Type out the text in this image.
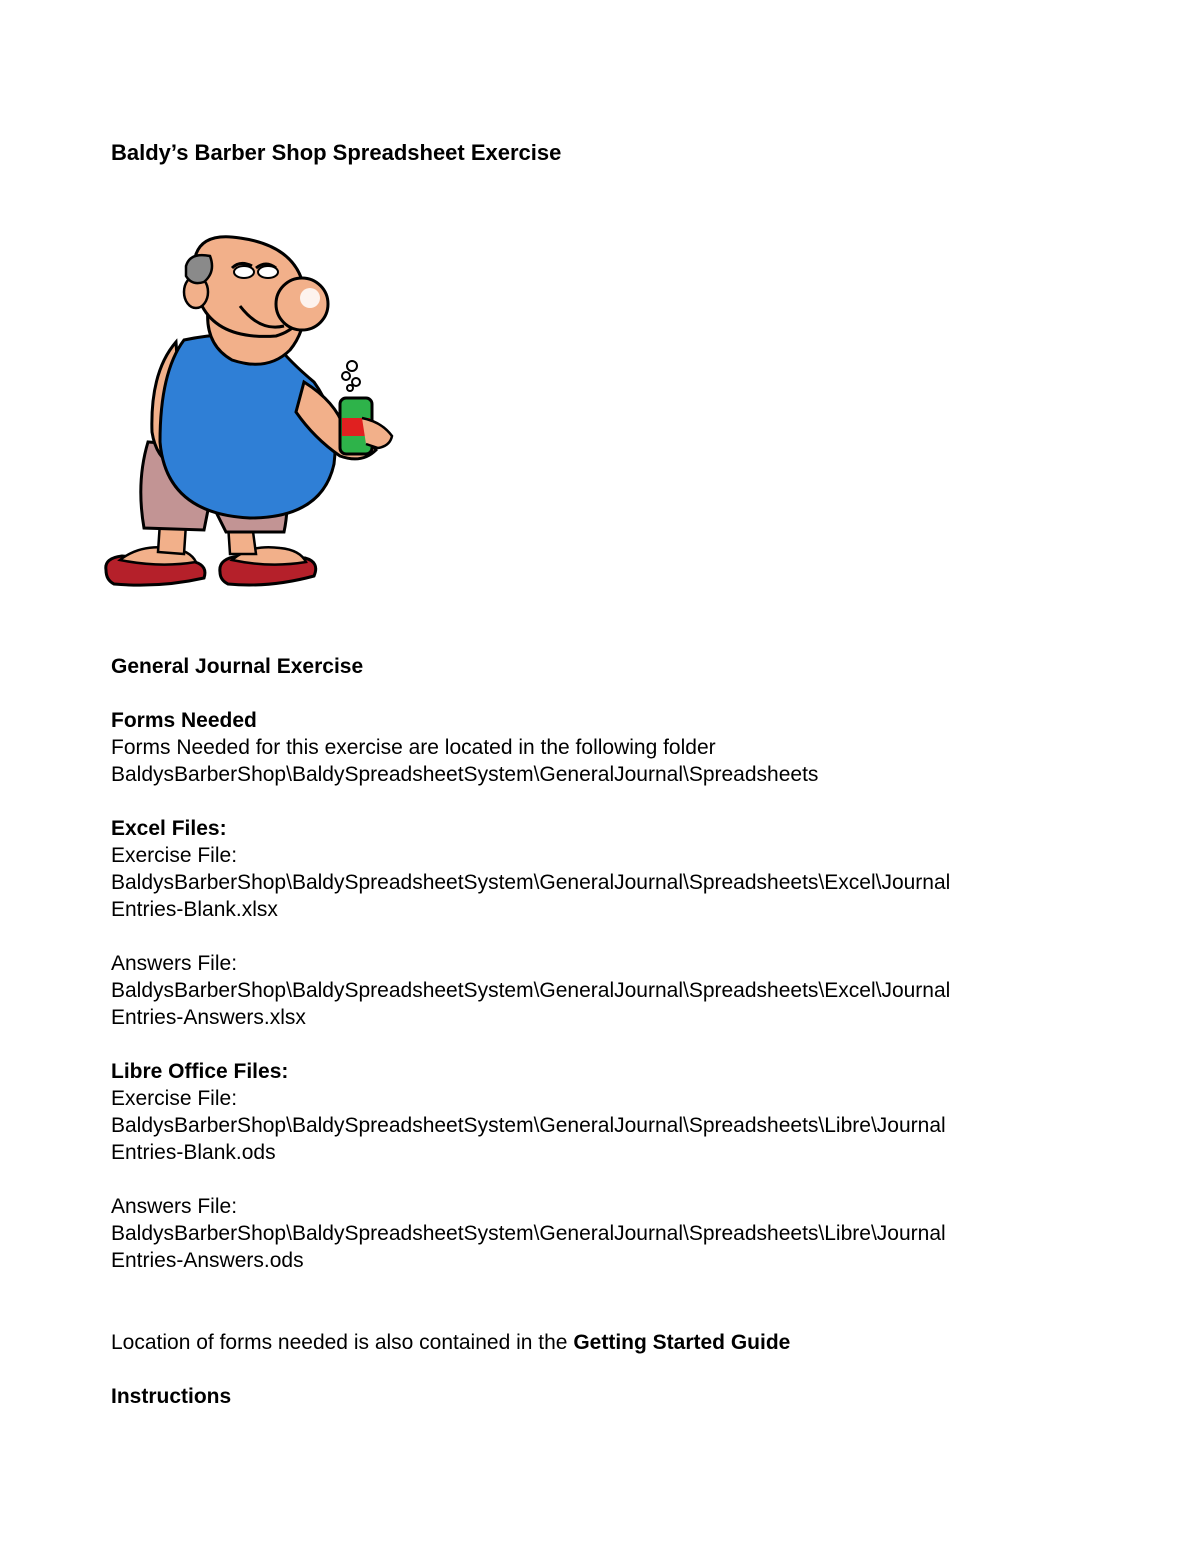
Baldy’s Barber Shop Spreadsheet Exercise
General Journal Exercise
Forms Needed
Forms Needed for this exercise are located in the following folder
BaldysBarberShop\BaldySpreadsheetSystem\GeneralJournal\Spreadsheets
Excel Files:
Exercise File:
BaldysBarberShop\BaldySpreadsheetSystem\GeneralJournal\Spreadsheets\Excel\Journal
Entries-Blank.xlsx
Answers File:
BaldysBarberShop\BaldySpreadsheetSystem\GeneralJournal\Spreadsheets\Excel\Journal
Entries-Answers.xlsx
Libre Office Files:
Exercise File:
BaldysBarberShop\BaldySpreadsheetSystem\GeneralJournal\Spreadsheets\Libre\Journal
Entries-Blank.ods
Answers File:
BaldysBarberShop\BaldySpreadsheetSystem\GeneralJournal\Spreadsheets\Libre\Journal
Entries-Answers.ods
Location of forms needed is also contained in the Getting Started Guide
Instructions
